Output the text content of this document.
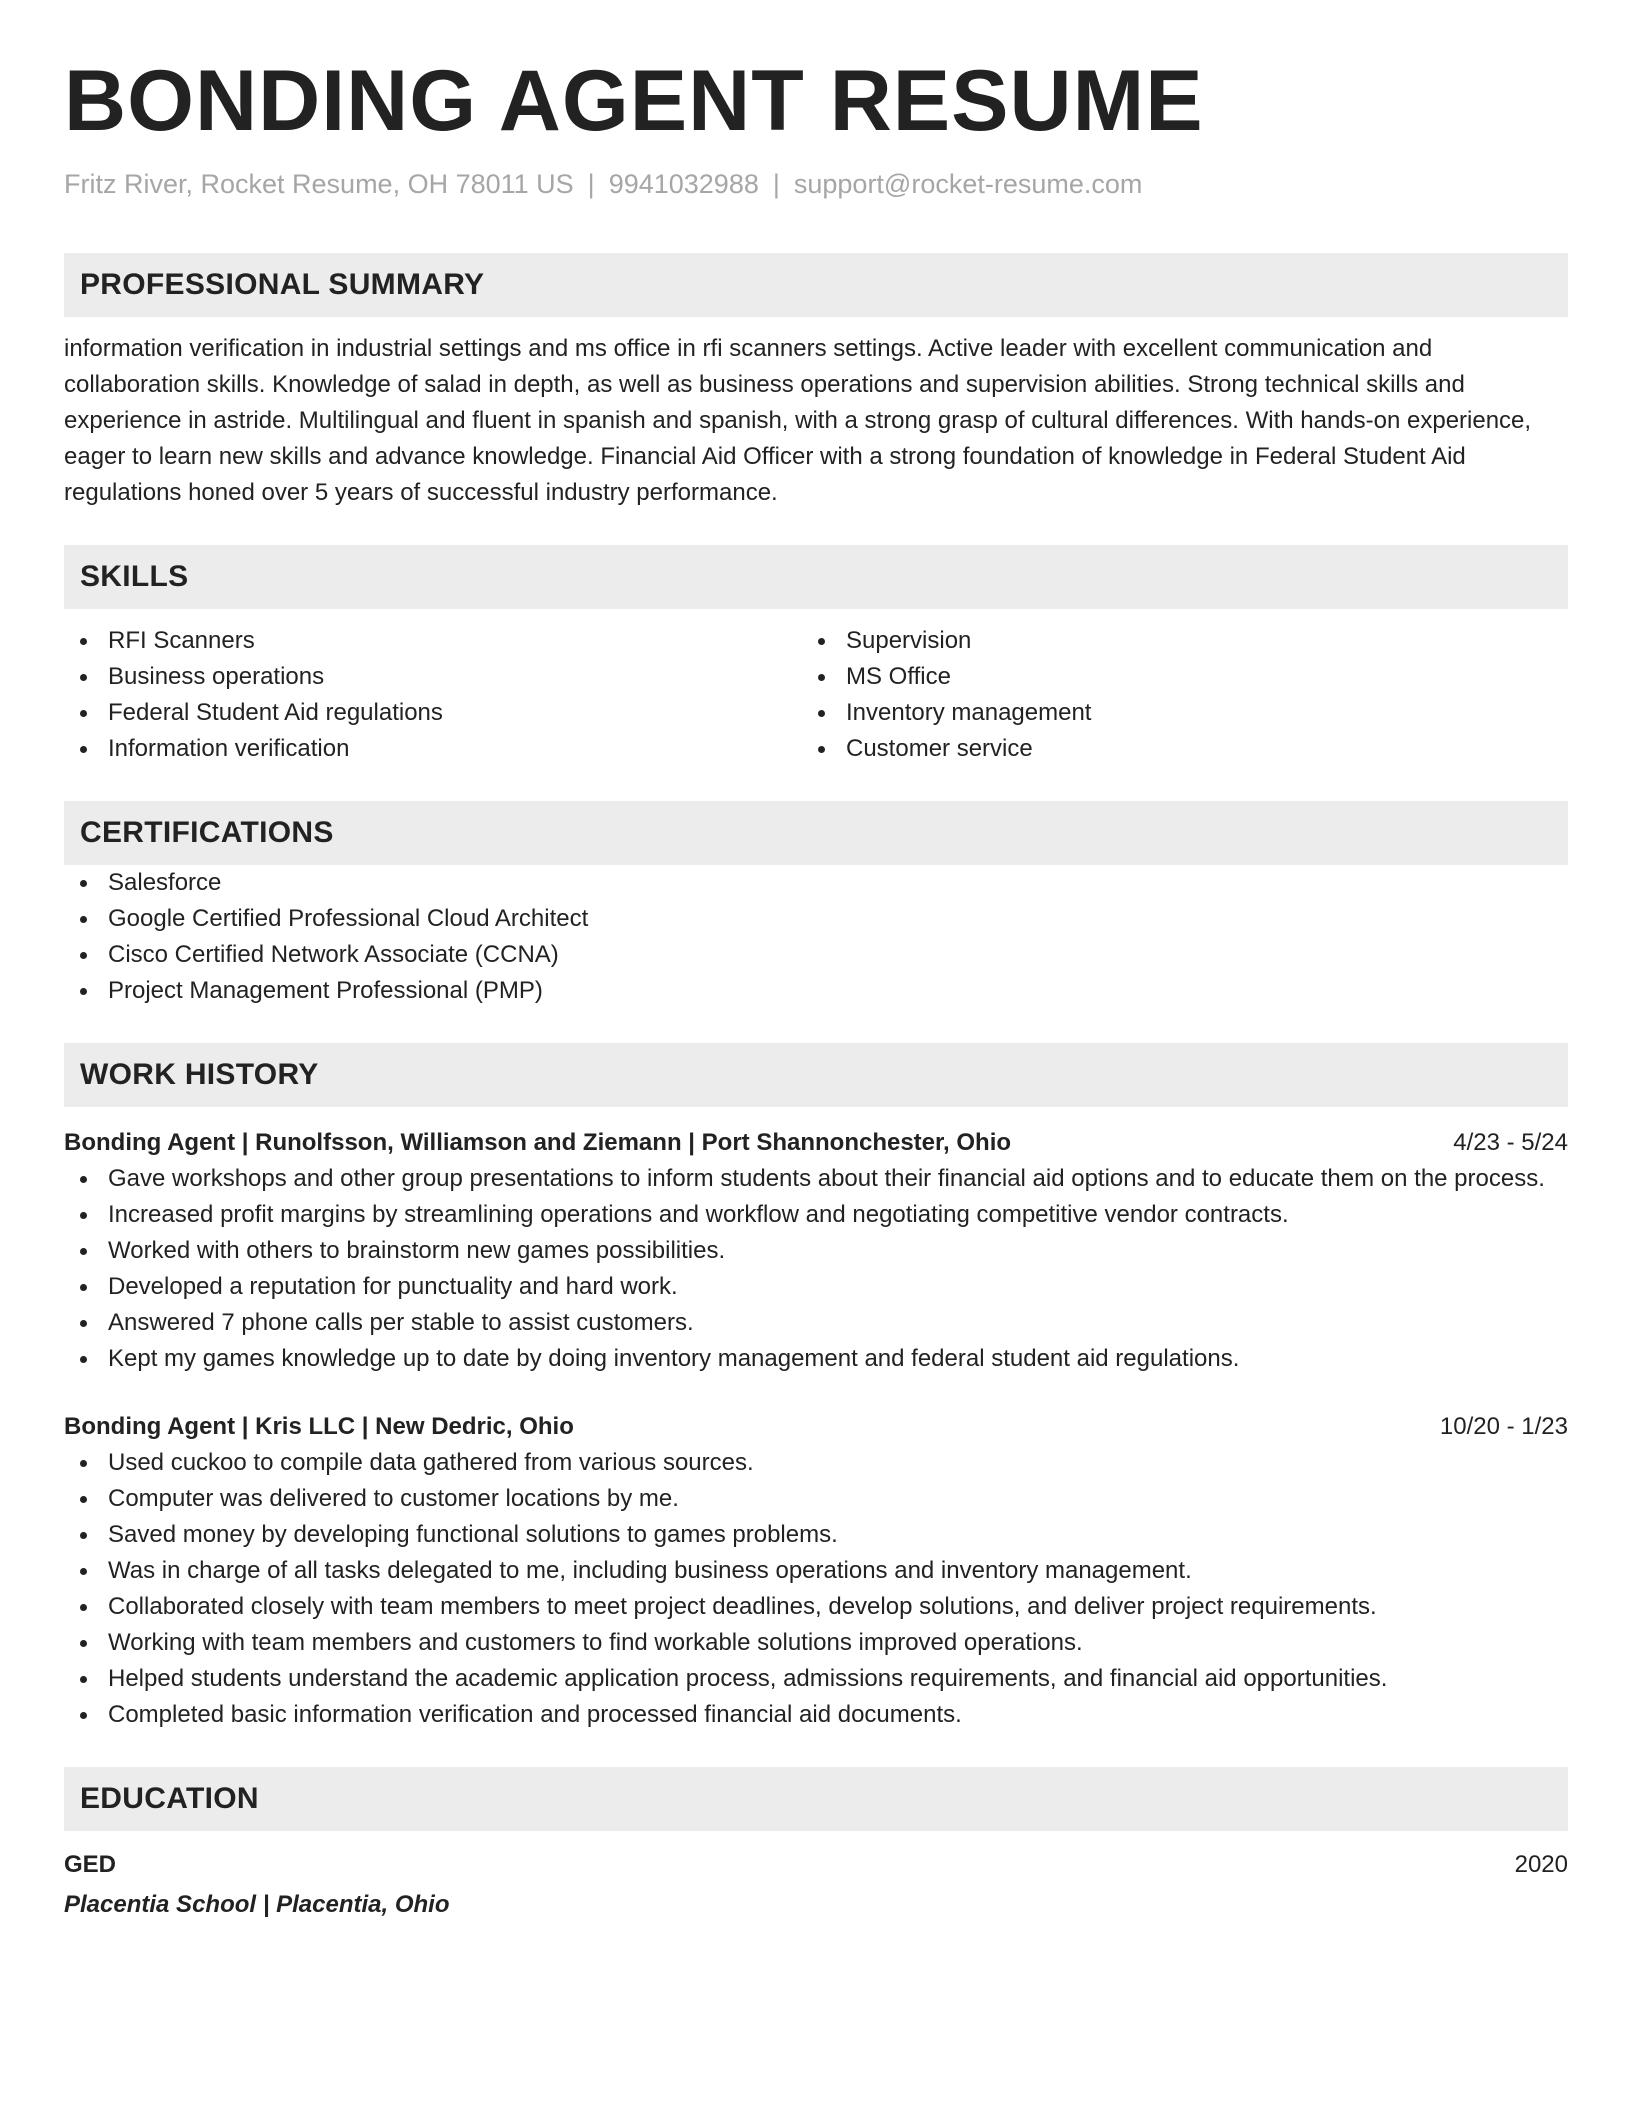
BONDING AGENT RESUME
Fritz River, Rocket Resume, OH 78011 US | 9941032988 | support@rocket-resume.com
PROFESSIONAL SUMMARY

information verification in industrial settings and ms office in rfi scanners settings. Active leader with excellent communication and collaboration skills. Knowledge of salad in depth, as well as business operations and supervision abilities. Strong technical skills and experience in astride. Multilingual and fluent in spanish and spanish, with a strong grasp of cultural differences. With hands-on experience, eager to learn new skills and advance knowledge. Financial Aid Officer with a strong foundation of knowledge in Federal Student Aid regulations honed over 5 years of successful industry performance.

SKILLS
RFI Scanners
Business operations
Federal Student Aid regulations
Information verification
Supervision
MS Office
Inventory management
Customer service
CERTIFICATIONS
Salesforce
Google Certified Professional Cloud Architect
Cisco Certified Network Associate (CCNA)
Project Management Professional (PMP)
WORK HISTORY
Bonding Agent | Runolfsson, Williamson and Ziemann | Port Shannonchester, Ohio	4/23 - 5/24
Gave workshops and other group presentations to inform students about their financial aid options and to educate them on the process.
Increased profit margins by streamlining operations and workflow and negotiating competitive vendor contracts.
Worked with others to brainstorm new games possibilities.
Developed a reputation for punctuality and hard work.
Answered 7 phone calls per stable to assist customers.
Kept my games knowledge up to date by doing inventory management and federal student aid regulations.
Bonding Agent | Kris LLC | New Dedric, Ohio	10/20 - 1/23
Used cuckoo to compile data gathered from various sources.
Computer was delivered to customer locations by me.
Saved money by developing functional solutions to games problems.
Was in charge of all tasks delegated to me, including business operations and inventory management.
Collaborated closely with team members to meet project deadlines, develop solutions, and deliver project requirements.
Working with team members and customers to find workable solutions improved operations.
Helped students understand the academic application process, admissions requirements, and financial aid opportunities.
Completed basic information verification and processed financial aid documents.
EDUCATION
GED	2020
Placentia School | Placentia, Ohio
